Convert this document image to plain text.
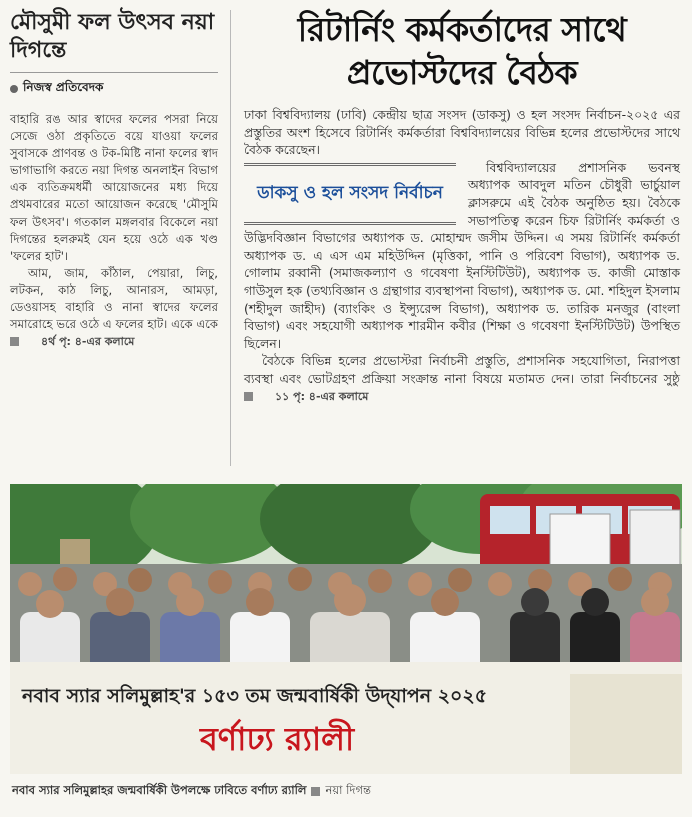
মৌসুমী ফল উৎসব নয়া দিগন্তে
নিজস্ব প্রতিবেদক

বাহারি রঙ আর স্বাদের ফলের পসরা নিয়ে সেজে ওঠা প্রকৃতিতে বয়ে যাওয়া ফলের সুবাসকে প্রাণবন্ত ও টক-মিষ্টি নানা ফলের স্বাদ ভাগাভাগি করতে নয়া দিগন্ত অনলাইন বিভাগ এক ব্যতিক্রমধর্মী আয়োজনের মধ্য দিয়ে প্রথমবারের মতো আয়োজন করেছে 'মৌসুমি ফল উৎসব'। গতকাল মঙ্গলবার বিকেলে নয়া দিগন্তের হলরুমই যেন হয়ে ওঠে এক খণ্ড 'ফলের হাট'।

আম, জাম, কাঁঠাল, পেয়ারা, লিচু, লটকন, কাঠ লিচু, আনারস, আমড়া, ডেওয়াসহ বাহারি ও নানা স্বাদের ফলের সমারোহে ভরে ওঠে এ ফলের হাট। একে একে
৪র্থ পৃ: ৪-এর কলামে

রিটার্নিং কর্মকর্তাদের সাথে
প্রভোস্টদের বৈঠক

ঢাকা বিশ্ববিদ্যালয় (ঢাবি) কেন্দ্রীয় ছাত্র সংসদ (ডাকসু) ও হল সংসদ নির্বাচন-২০২৫ এর প্রস্তুতির অংশ হিসেবে রিটার্নিং কর্মকর্তারা বিশ্ববিদ্যালয়ের বিভিন্ন হলের প্রভোস্টদের সাথে বৈঠক করেছেন।

ডাকসু ও হল সংসদ নির্বাচন

বিশ্ববিদ্যালয়ের প্রশাসনিক ভবনস্থ অধ্যাপক আবদুল মতিন চৌধুরী ভার্চুয়াল ক্লাসরুমে এই বৈঠক অনুষ্ঠিত হয়। বৈঠকে সভাপতিত্ব করেন চিফ রিটার্নিং কর্মকর্তা ও উদ্ভিদবিজ্ঞান বিভাগের অধ্যাপক ড. মোহাম্মদ জসীম উদ্দিন। এ সময় রিটার্নিং কর্মকর্তা অধ্যাপক ড. এ এস এম মহিউদ্দিন (মৃত্তিকা, পানি ও পরিবেশ বিভাগ), অধ্যাপক ড. গোলাম রব্বানী (সমাজকল্যাণ ও গবেষণা ইনস্টিটিউট), অধ্যাপক ড. কাজী মোস্তাক গাউসুল হক (তথ্যবিজ্ঞান ও গ্রন্থাগার ব্যবস্থাপনা বিভাগ), অধ্যাপক ড. মো. শহিদুল ইসলাম (শহীদুল জাহীদ) (ব্যাংকিং ও ইন্স্যুরেন্স বিভাগ), অধ্যাপক ড. তারিক মনজুর (বাংলা বিভাগ) এবং সহযোগী অধ্যাপক শারমীন কবীর (শিক্ষা ও গবেষণা ইনস্টিটিউট) উপস্থিত ছিলেন।

বৈঠকে বিভিন্ন হলের প্রভোস্টরা নির্বাচনী প্রস্তুতি, প্রশাসনিক সহযোগিতা, নিরাপত্তা ব্যবস্থা এবং ভোটগ্রহণ প্রক্রিয়া সংক্রান্ত নানা বিষয়ে মতামত দেন। তারা নির্বাচনের সুষ্ঠু
১১ পৃ: ৪-এর কলামে

নবাব স্যার সলিমুল্লাহ'র ১৫৩ তম জন্মবার্ষিকী উদ্‌যাপন ২০২৫
বর্ণাঢ্য র‍্যালী
নবাব স্যার সলিমুল্লাহর জন্মবার্ষিকী উপলক্ষে ঢাবিতে বর্ণাঢ্য র‍্যালি নয়া দিগন্ত
